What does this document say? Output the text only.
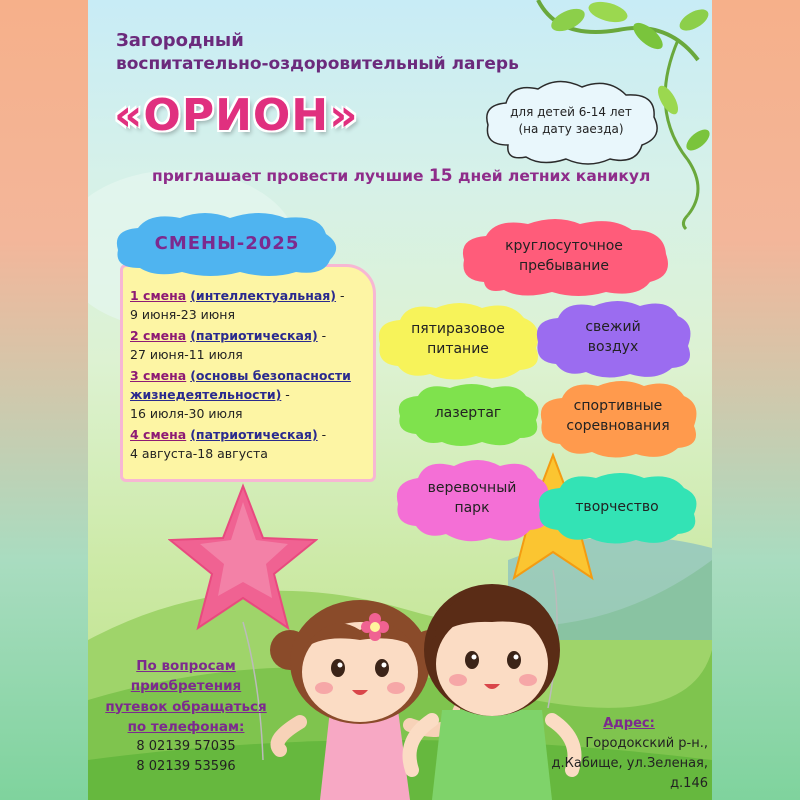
Загородный
воспитательно-оздоровительный лагерь
«ОРИОН»	для детей 6-14 лет
(на дату заезда)
приглашает провести лучшие 15 дней летних каникул
СМЕНЫ-2025
1 смена (интеллектуальная) -
9 июня-23 июня
2 смена (патриотическая) -
27 июня-11 июля
3 смена (основы безопасности
жизнедеятельности) -
16 июля-30 июля
4 смена (патриотическая) -
4 августа-18 августа
круглосуточное
пребывание
пятиразовое
питание
свежий
воздух
лазертаг	спортивные
соревнования
веревочный
парк	творчество
По вопросам
приобретения
путевок обращаться
по телефонам:
8 02139 57035
8 02139 53596
Адрес:
Городокский р-н.,
д.Кабище, ул.Зеленая,
д.146
